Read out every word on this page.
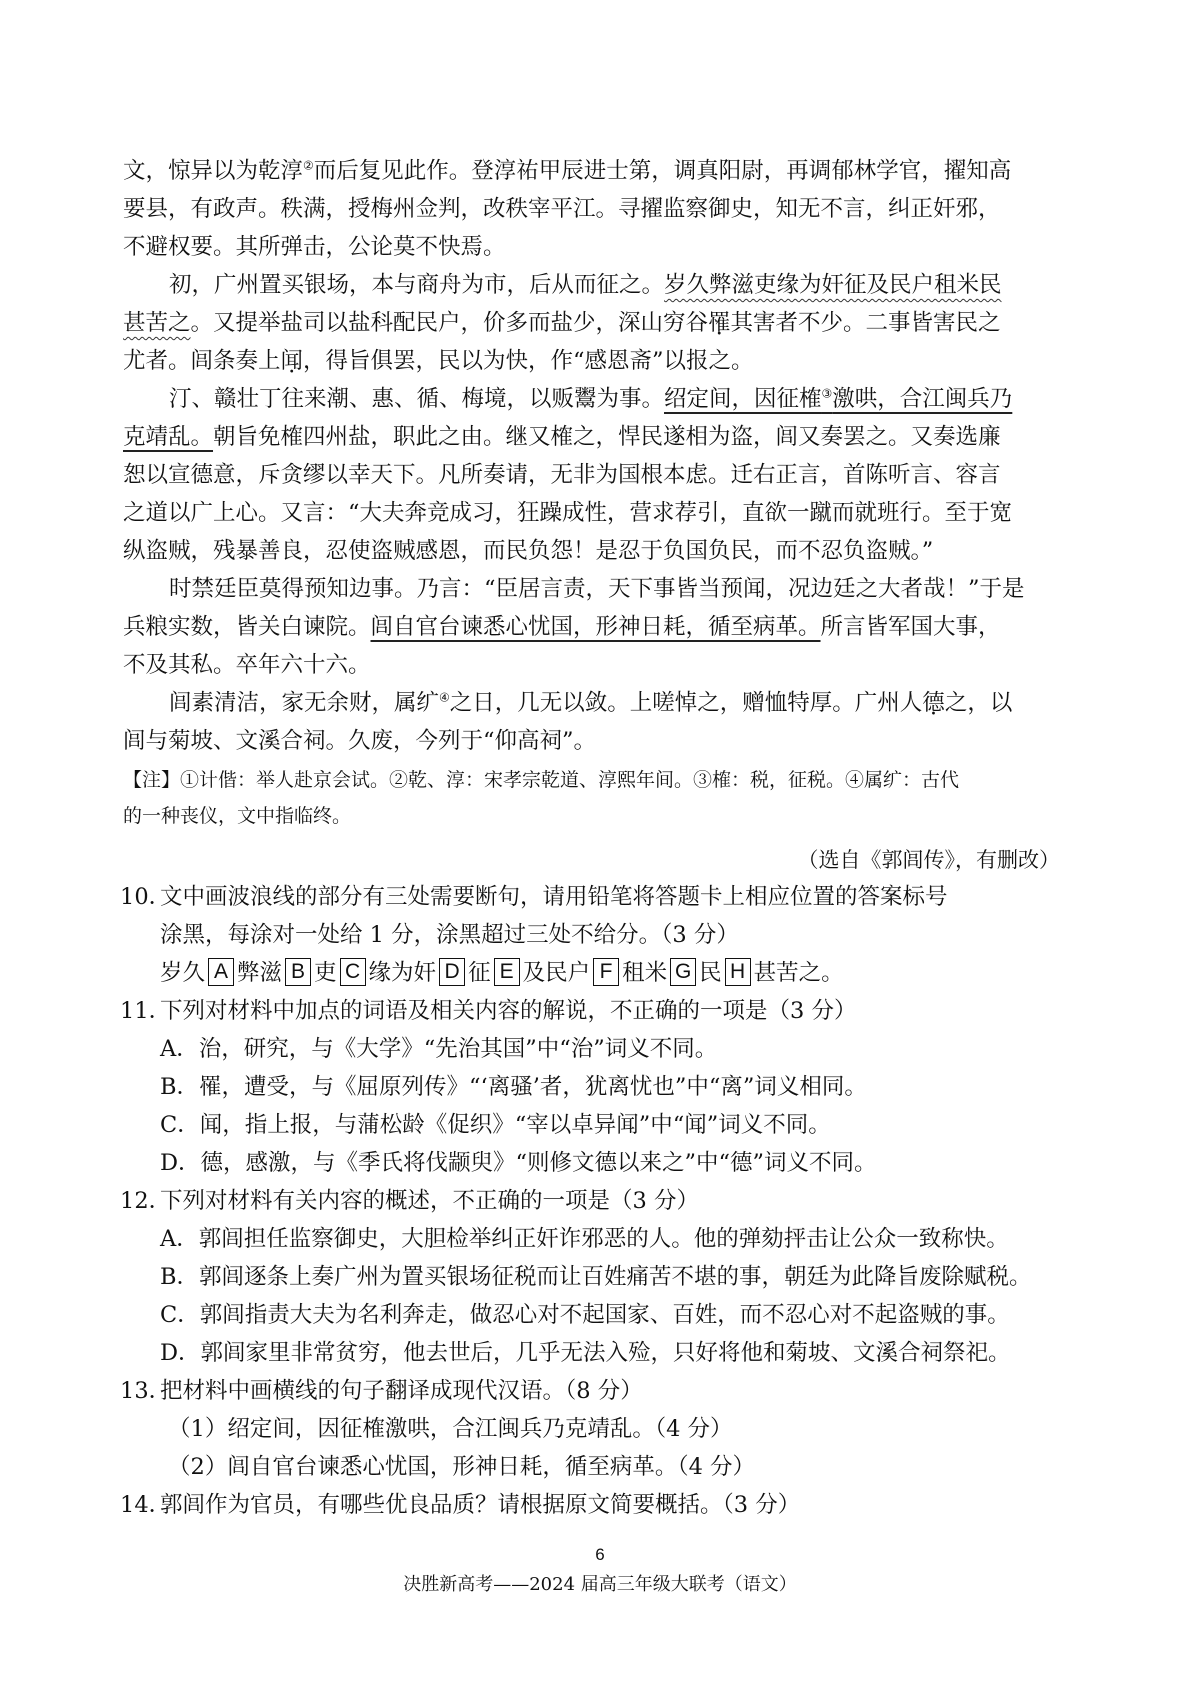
文，惊异以为乾淳②而后复见此作。登淳祐甲辰进士第，调真阳尉，再调郁林学官，擢知高

要县，有政声。秩满，授梅州佥判，改秩宰平江。寻擢监察御史，知无不言，纠正奸邪，

不避权要。其所弹击，公论莫不快焉。

初，广州置买银场，本与商舟为市，后从而征之。岁久弊滋吏缘为奸征及民户租米民

甚苦之。又提举盐司以盐科配民户，价多而盐少，深山穷谷罹其害者不少。二事皆害民之

尤者。闾条奏上闻，得旨俱罢，民以为快，作“感恩斋”以报之。

汀、赣壮丁往来潮、惠、循、梅境，以贩鬻为事。绍定间，因征榷③激哄，合江闽兵乃

克靖乱。朝旨免榷四州盐，职此之由。继又榷之，悍民遂相为盗，闾又奏罢之。又奏选廉

恕以宣德意，斥贪缪以幸天下。凡所奏请，无非为国根本虑。迁右正言，首陈听言、容言

之道以广上心。又言：“大夫奔竞成习，狂躁成性，营求荐引，直欲一蹴而就班行。至于宽

纵盗贼，残暴善良，忍使盗贼感恩，而民负怨！是忍于负国负民，而不忍负盗贼。”

时禁廷臣莫得预知边事。乃言：“臣居言责，天下事皆当预闻，况边廷之大者哉！”于是

兵粮实数，皆关白谏院。闾自官台谏悉心忧国，形神日耗，循至病革。所言皆军国大事，

不及其私。卒年六十六。

闾素清洁，家无余财，属纩④之日，几无以敛。上嗟悼之，赠恤特厚。广州人德之，以

闾与菊坡、文溪合祠。久废，今列于“仰高祠”。

【注】①计偕：举人赴京会试。②乾、淳：宋孝宗乾道、淳熙年间。③榷：税，征税。④属纩：古代

的一种丧仪，文中指临终。

（选自《郭闾传》，有删改）

10．文中画波浪线的部分有三处需要断句，请用铅笔将答题卡上相应位置的答案标号

涂黑，每涂对一处给 1 分，涂黑超过三处不给分。（3 分）

岁久 A 弊滋 B 吏 C 缘为奸 D 征 E 及民户 F 租米 G 民 H 甚苦之。

11．下列对材料中加点的词语及相关内容的解说，不正确的一项是（3 分）

A．治，研究，与《大学》“先治其国”中“治”词义不同。

B．罹，遭受，与《屈原列传》“‘离骚’者，犹离忧也”中“离”词义相同。

C．闻，指上报，与蒲松龄《促织》“宰以卓异闻”中“闻”词义不同。

D．德，感激，与《季氏将伐颛臾》“则修文德以来之”中“德”词义不同。

12．下列对材料有关内容的概述，不正确的一项是（3 分）

A．郭闾担任监察御史，大胆检举纠正奸诈邪恶的人。他的弹劾抨击让公众一致称快。

B．郭闾逐条上奏广州为置买银场征税而让百姓痛苦不堪的事，朝廷为此降旨废除赋税。

C．郭闾指责大夫为名利奔走，做忍心对不起国家、百姓，而不忍心对不起盗贼的事。

D．郭闾家里非常贫穷，他去世后，几乎无法入殓，只好将他和菊坡、文溪合祠祭祀。

13．把材料中画横线的句子翻译成现代汉语。（8 分）

（1）绍定间，因征榷激哄，合江闽兵乃克靖乱。（4 分）

（2）闾自官台谏悉心忧国，形神日耗，循至病革。（4 分）

14．郭闾作为官员，有哪些优良品质？请根据原文简要概括。（3 分）

6
决胜新高考——2024 届高三年级大联考（语文）
